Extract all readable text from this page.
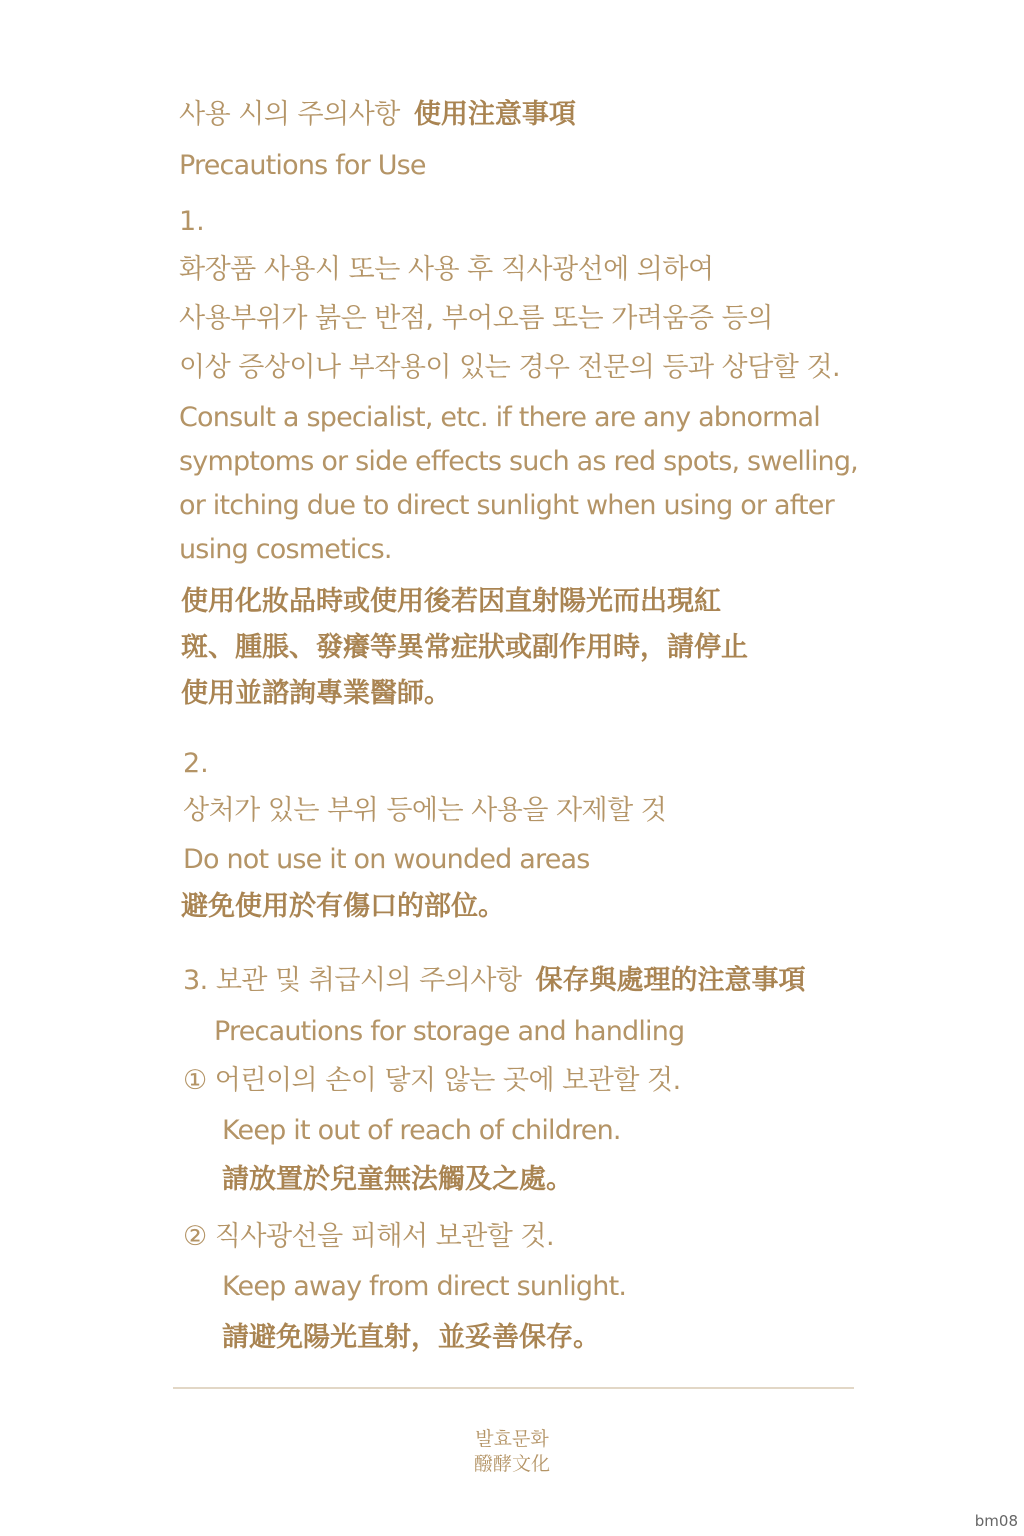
사용 시의 주의사항 使用注意事項
Precautions for Use
1.
화장품 사용시 또는 사용 후 직사광선에 의하여
사용부위가 붉은 반점, 부어오름 또는 가려움증 등의
이상 증상이나 부작용이 있는 경우 전문의 등과 상담할 것.
Consult a specialist, etc. if there are any abnormal
symptoms or side effects such as red spots, swelling,
or itching due to direct sunlight when using or after
using cosmetics.
使用化妝品時或使用後若因直射陽光而出現紅
斑、腫脹、發癢等異常症狀或副作用時，請停止
使用並諮詢專業醫師。
2.
상처가 있는 부위 등에는 사용을 자제할 것
Do not use it on wounded areas
避免使用於有傷口的部位。
3. 보관 및 취급시의 주의사항 保存與處理的注意事項
Precautions for storage and handling
① 어린이의 손이 닿지 않는 곳에 보관할 것.
Keep it out of reach of children.
請放置於兒童無法觸及之處。
② 직사광선을 피해서 보관할 것.
Keep away from direct sunlight.
請避免陽光直射，並妥善保存。
발효문화
醱酵文化
bm08
